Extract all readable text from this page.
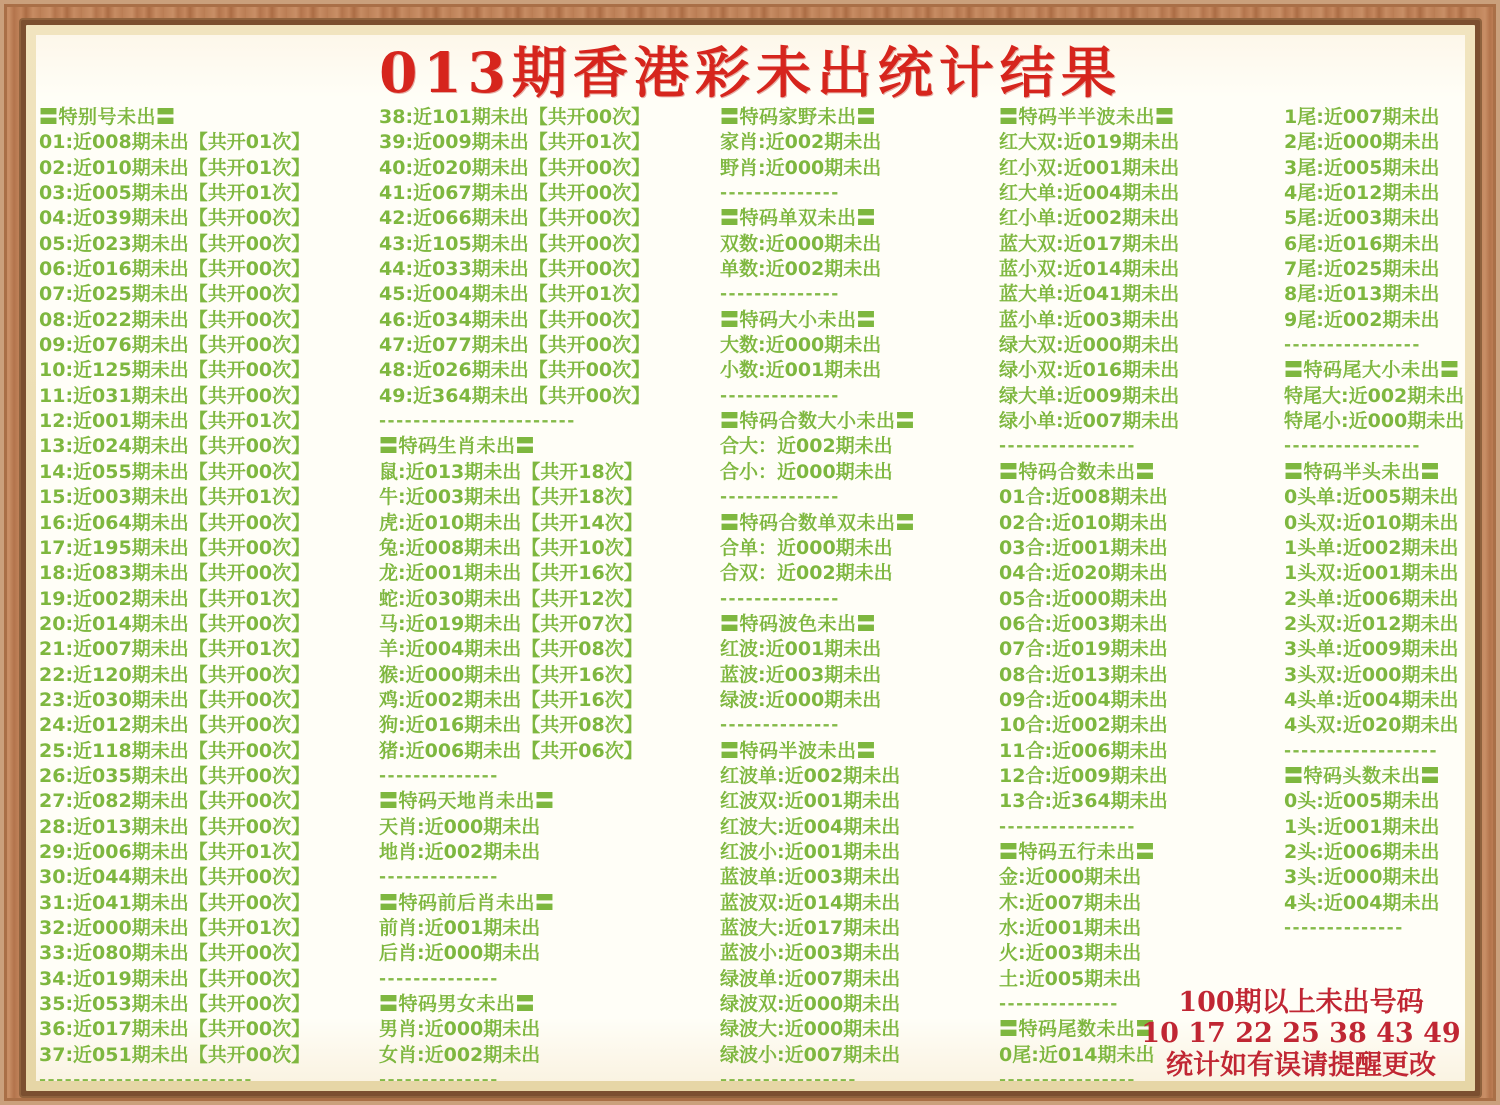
013期香港彩未出统计结果
〓特别号未出〓
01:近008期未出【共开01次】
02:近010期未出【共开01次】
03:近005期未出【共开01次】
04:近039期未出【共开00次】
05:近023期未出【共开00次】
06:近016期未出【共开00次】
07:近025期未出【共开00次】
08:近022期未出【共开00次】
09:近076期未出【共开00次】
10:近125期未出【共开00次】
11:近031期未出【共开00次】
12:近001期未出【共开01次】
13:近024期未出【共开00次】
14:近055期未出【共开00次】
15:近003期未出【共开01次】
16:近064期未出【共开00次】
17:近195期未出【共开00次】
18:近083期未出【共开00次】
19:近002期未出【共开01次】
20:近014期未出【共开00次】
21:近007期未出【共开01次】
22:近120期未出【共开00次】
23:近030期未出【共开00次】
24:近012期未出【共开00次】
25:近118期未出【共开00次】
26:近035期未出【共开00次】
27:近082期未出【共开00次】
28:近013期未出【共开00次】
29:近006期未出【共开01次】
30:近044期未出【共开00次】
31:近041期未出【共开00次】
32:近000期未出【共开01次】
33:近080期未出【共开00次】
34:近019期未出【共开00次】
35:近053期未出【共开00次】
36:近017期未出【共开00次】
37:近051期未出【共开00次】
-------------------------
38:近101期未出【共开00次】
39:近009期未出【共开01次】
40:近020期未出【共开00次】
41:近067期未出【共开00次】
42:近066期未出【共开00次】
43:近105期未出【共开00次】
44:近033期未出【共开00次】
45:近004期未出【共开01次】
46:近034期未出【共开00次】
47:近077期未出【共开00次】
48:近026期未出【共开00次】
49:近364期未出【共开00次】
-----------------------
〓特码生肖未出〓
鼠:近013期未出【共开18次】
牛:近003期未出【共开18次】
虎:近010期未出【共开14次】
兔:近008期未出【共开10次】
龙:近001期未出【共开16次】
蛇:近030期未出【共开12次】
马:近019期未出【共开07次】
羊:近004期未出【共开08次】
猴:近000期未出【共开16次】
鸡:近002期未出【共开16次】
狗:近016期未出【共开08次】
猪:近006期未出【共开06次】
--------------
〓特码天地肖未出〓
天肖:近000期未出
地肖:近002期未出
--------------
〓特码前后肖未出〓
前肖:近001期未出
后肖:近000期未出
--------------
〓特码男女未出〓
男肖:近000期未出
女肖:近002期未出
--------------
〓特码家野未出〓
家肖:近002期未出
野肖:近000期未出
--------------
〓特码单双未出〓
双数:近000期未出
单数:近002期未出
--------------
〓特码大小未出〓
大数:近000期未出
小数:近001期未出
--------------
〓特码合数大小未出〓
合大：近002期未出
合小：近000期未出
--------------
〓特码合数单双未出〓
合单：近000期未出
合双：近002期未出
--------------
〓特码波色未出〓
红波:近001期未出
蓝波:近003期未出
绿波:近000期未出
--------------
〓特码半波未出〓
红波单:近002期未出
红波双:近001期未出
红波大:近004期未出
红波小:近001期未出
蓝波单:近003期未出
蓝波双:近014期未出
蓝波大:近017期未出
蓝波小:近003期未出
绿波单:近007期未出
绿波双:近000期未出
绿波大:近000期未出
绿波小:近007期未出
----------------
〓特码半半波未出〓
红大双:近019期未出
红小双:近001期未出
红大单:近004期未出
红小单:近002期未出
蓝大双:近017期未出
蓝小双:近014期未出
蓝大单:近041期未出
蓝小单:近003期未出
绿大双:近000期未出
绿小双:近016期未出
绿大单:近009期未出
绿小单:近007期未出
----------------
〓特码合数未出〓
01合:近008期未出
02合:近010期未出
03合:近001期未出
04合:近020期未出
05合:近000期未出
06合:近003期未出
07合:近019期未出
08合:近013期未出
09合:近004期未出
10合:近002期未出
11合:近006期未出
12合:近009期未出
13合:近364期未出
----------------
〓特码五行未出〓
金:近000期未出
木:近007期未出
水:近001期未出
火:近003期未出
土:近005期未出
--------------
〓特码尾数未出〓
0尾:近014期未出
----------------
1尾:近007期未出
2尾:近000期未出
3尾:近005期未出
4尾:近012期未出
5尾:近003期未出
6尾:近016期未出
7尾:近025期未出
8尾:近013期未出
9尾:近002期未出
----------------
〓特码尾大小未出〓
特尾大:近002期未出
特尾小:近000期未出
----------------
〓特码半头未出〓
0头单:近005期未出
0头双:近010期未出
1头单:近002期未出
1头双:近001期未出
2头单:近006期未出
2头双:近012期未出
3头单:近009期未出
3头双:近000期未出
4头单:近004期未出
4头双:近020期未出
------------------
〓特码头数未出〓
0头:近005期未出
1头:近001期未出
2头:近006期未出
3头:近000期未出
4头:近004期未出
--------------
100期以上未出号码
10 17 22 25 38 43 49
统计如有误请提醒更改
